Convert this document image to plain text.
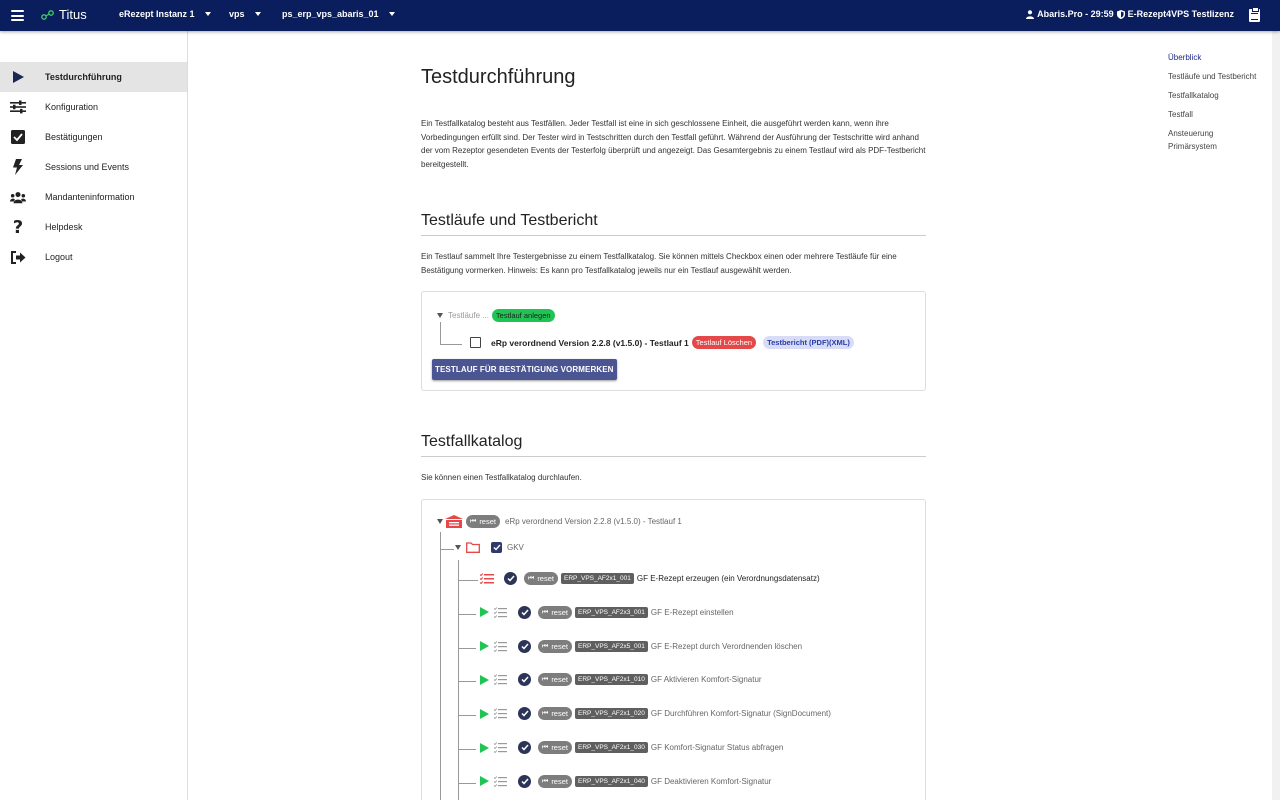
Titus	eRezept Instanz 1	vps	ps_erp_vps_abaris_01	Abaris.Pro - 29:59 E-Rezept4VPS Testlizenz
Testdurchführung
Konfiguration
Bestätigungen
Sessions und Events
Mandanteninformation
?	Helpdesk
Logout
Testdurchführung

Ein Testfallkatalog besteht aus Testfällen. Jeder Testfall ist eine in sich geschlossene Einheit, die ausgeführt werden kann, wenn ihre Vorbedingungen erfüllt sind. Der Tester wird in Testschritten durch den Testfall geführt. Während der Ausführung der Testschritte wird anhand der vom Rezeptor gesendeten Events der Testerfolg überprüft und angezeigt. Das Gesamtergebnis zu einem Testlauf wird als PDF-Testbericht bereitgestellt.

Testläufe und Testbericht

Ein Testlauf sammelt Ihre Testergebnisse zu einem Testfallkatalog. Sie können mittels Checkbox einen oder mehrere Testläufe für eine Bestätigung vormerken. Hinweis: Es kann pro Testfallkatalog jeweils nur ein Testlauf ausgewählt werden.

Testläufe ... Testlauf anlegen
eRp verordnend Version 2.2.8 (v1.5.0) - Testlauf 1 Testlauf Löschen	Testbericht (PDF)(XML)
TESTLAUF FÜR BESTÄTIGUNG VORMERKEN
Testfallkatalog

Sie können einen Testfallkatalog durchlaufen.

⏮ reset eRp verordnend Version 2.2.8 (v1.5.0) - Testlauf 1
GKV
⏮ reset	ERP_VPS_AF2x1_001 GF E-Rezept erzeugen (ein Verordnungsdatensatz)
⏮ reset	ERP_VPS_AF2x3_001 GF E-Rezept einstellen
⏮ reset	ERP_VPS_AF2x5_001 GF E-Rezept durch Verordnenden löschen
⏮ reset	ERP_VPS_AF2x1_010 GF Aktivieren Komfort-Signatur
⏮ reset	ERP_VPS_AF2x1_020 GF Durchführen Komfort-Signatur (SignDocument)
⏮ reset	ERP_VPS_AF2x1_030 GF Komfort-Signatur Status abfragen
⏮ reset	ERP_VPS_AF2x1_040 GF Deaktivieren Komfort-Signatur
Überblick
Testläufe und Testbericht
Testfallkatalog
Testfall
Ansteuerung Primärsystem
